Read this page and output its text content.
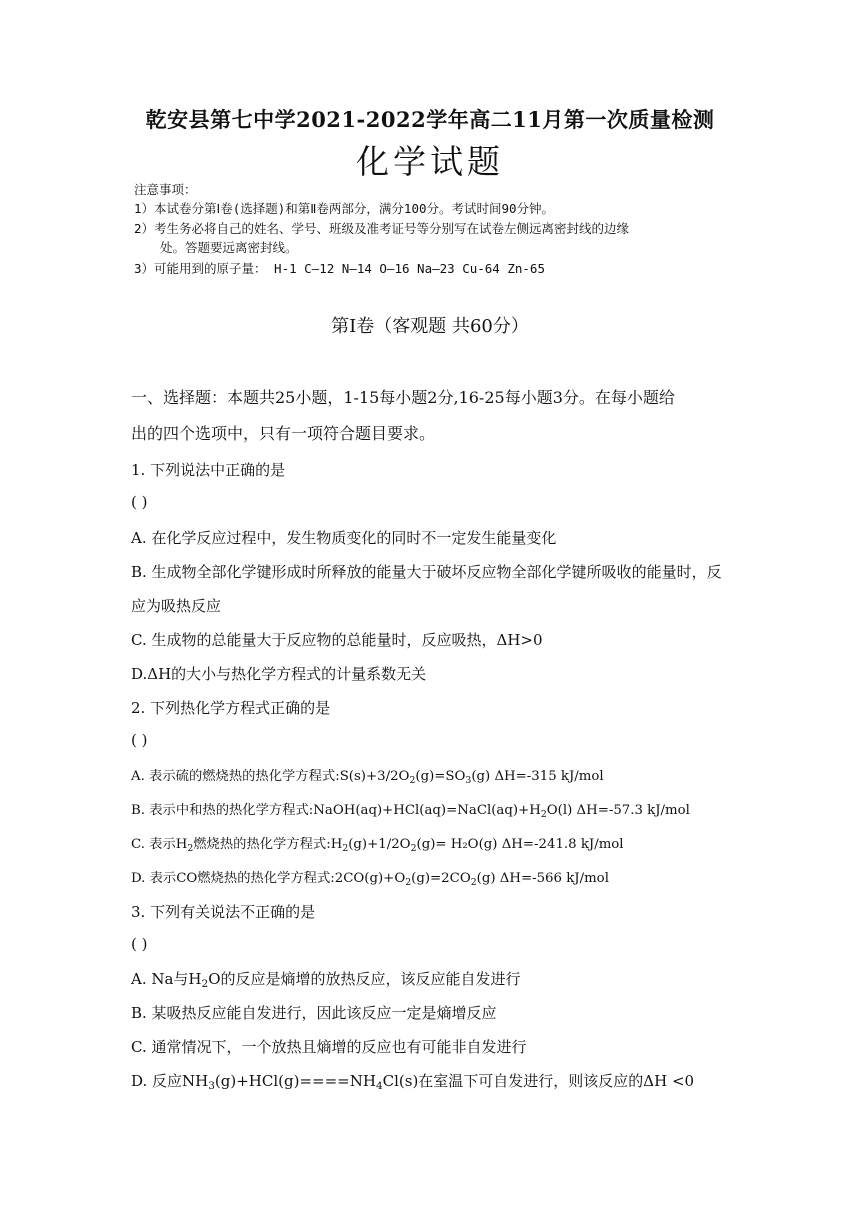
乾安县第七中学2021-2022学年高二11月第一次质量检测
化学试题
注意事项：
1）本试卷分第Ⅰ卷(选择题)和第Ⅱ卷两部分，满分100分。考试时间90分钟。
2）考生务必将自己的姓名、学号、班级及准考证号等分别写在试卷左侧远离密封线的边缘
处。答题要远离密封线。
3）可能用到的原子量： H-1 C—12 N—14 O—16 Na—23 Cu-64 Zn-65
第Ⅰ卷（客观题 共60分）
一、选择题：本题共25小题，1-15每小题2分,16-25每小题3分。在每小题给
出的四个选项中，只有一项符合题目要求。
1. 下列说法中正确的是
( )
A. 在化学反应过程中，发生物质变化的同时不一定发生能量变化
B. 生成物全部化学键形成时所释放的能量大于破坏反应物全部化学键所吸收的能量时，反
应为吸热反应
C. 生成物的总能量大于反应物的总能量时，反应吸热，ΔH>0
D.ΔH的大小与热化学方程式的计量系数无关
2. 下列热化学方程式正确的是
( )
A. 表示硫的燃烧热的热化学方程式$:S(s)+3/2O_2(g)=SO_3(g)$ ΔH=-315 kJ/mol
B. 表示中和热的热化学方程式$:NaOH(aq)+HCl(aq)=NaCl(aq)+H_2O(l)$ ΔH=-57.3 kJ/mol
C. 表示$H_2$燃烧热的热化学方程式$:H_2(g)+1/2O_2(g)= H_2O(g)$ ΔH=-241.8 kJ/mol
D. 表示CO燃烧热的热化学方程式$:2CO(g)+O_2(g)=2CO_2(g)$ ΔH=-566 kJ/mol
3. 下列有关说法不正确的是
( )
A. Na与$H_2O$的反应是熵增的放热反应，该反应能自发进行
B. 某吸热反应能自发进行，因此该反应一定是熵增反应
C. 通常情况下，一个放热且熵增的反应也有可能非自发进行
D. 反应$NH_3(g)+HCl(g)====NH_4Cl(s)$在室温下可自发进行，则该反应的ΔH <0
